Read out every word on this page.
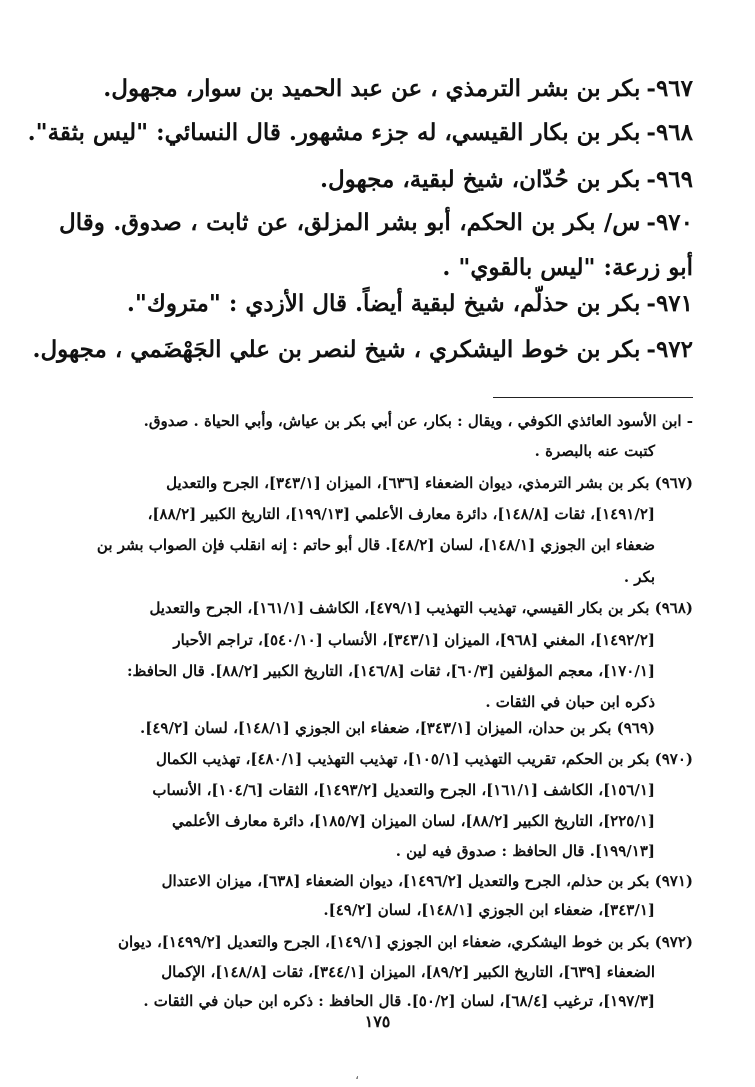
٩٦٧-بكر بن بشر الترمذي ، عن عبد الحميد بن سوار، مجهول.
٩٦٨-بكر بن بكار القيسي، له جزء مشهور. قال النسائي: "ليس بثقة".
٩٦٩-بكر بن حُدّان، شيخ لبقية، مجهول.
٩٧٠-س/ بكر بن الحكم، أبو بشر المزلق، عن ثابت ، صدوق. وقال أبو زرعة: "ليس بالقوي" .
٩٧١-بكر بن حذلّم، شيخ لبقية أيضاً. قال الأزدي : "متروك".
٩٧٢-بكر بن خوط اليشكري ، شيخ لنصر بن علي الجَهْضَمي ، مجهول.
- ابن الأسود العائذي الكوفي ، ويقال : بكار، عن أبي بكر بن عياش، وأبي الحياة . صدوق.
كتبت عنه بالبصرة .
(٩٦٧) بكر بن بشر الترمذي، ديوان الضعفاء [٦٣٦]، الميزان [٣٤٣/١]، الجرح والتعديل
[١٤٩١/٢]، ثقات [١٤٨/٨]، دائرة معارف الأعلمي [١٩٩/١٣]، التاريخ الكبير [٨٨/٢]،
ضعفاء ابن الجوزي [١٤٨/١]، لسان [٤٨/٢]. قال أبو حاتم : إنه انقلب فإن الصواب بشر بن
بكر .
(٩٦٨) بكر بن بكار القيسي، تهذيب التهذيب [٤٧٩/١]، الكاشف [١٦١/١]، الجرح والتعديل
[١٤٩٢/٢]، المغني [٩٦٨]، الميزان [٣٤٣/١]، الأنساب [٥٤٠/١٠]، تراجم الأحبار
[١٧٠/١]، معجم المؤلفين [٦٠/٣]، ثقات [١٤٦/٨]، التاريخ الكبير [٨٨/٢]. قال الحافظ:
ذكره ابن حبان في الثقات .
(٩٦٩) بكر بن حدان، الميزان [٣٤٣/١]، ضعفاء ابن الجوزي [١٤٨/١]، لسان [٤٩/٢].
(٩٧٠) بكر بن الحكم، تقريب التهذيب [١٠٥/١]، تهذيب التهذيب [٤٨٠/١]، تهذيب الكمال
[١٥٦/١]، الكاشف [١٦١/١]، الجرح والتعديل [١٤٩٣/٢]، الثقات [١٠٤/٦]، الأنساب
[٢٢٥/١]، التاريخ الكبير [٨٨/٢]، لسان الميزان [١٨٥/٧]، دائرة معارف الأعلمي
[١٩٩/١٣]. قال الحافظ : صدوق فيه لين .
(٩٧١) بكر بن حذلم، الجرح والتعديل [١٤٩٦/٢]، ديوان الضعفاء [٦٣٨]، ميزان الاعتدال
[٣٤٣/١]، ضعفاء ابن الجوزي [١٤٨/١]، لسان [٤٩/٢].
(٩٧٢) بكر بن خوط اليشكري، ضعفاء ابن الجوزي [١٤٩/١]، الجرح والتعديل [١٤٩٩/٢]، ديوان
الضعفاء [٦٣٩]، التاريخ الكبير [٨٩/٢]، الميزان [٣٤٤/١]، ثقات [١٤٨/٨]، الإكمال
[١٩٧/٣]، ترغيب [٦٨/٤]، لسان [٥٠/٢]. قال الحافظ : ذكره ابن حبان في الثقات .
١٧٥
،
